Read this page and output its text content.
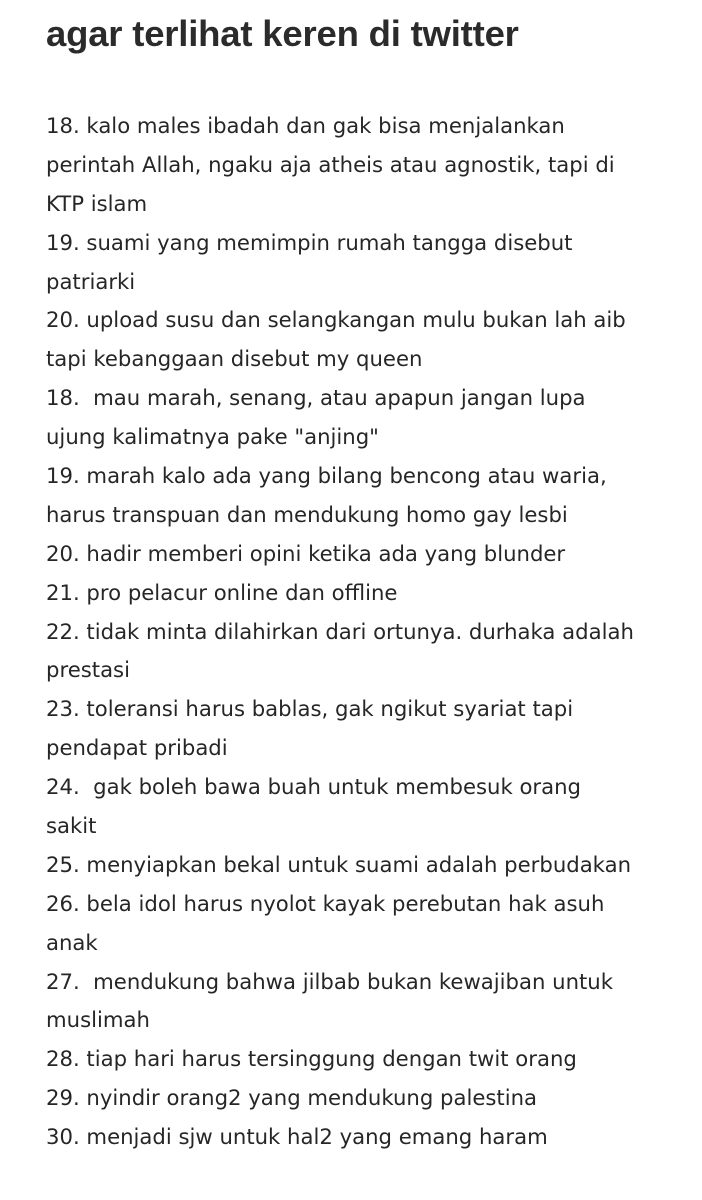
agar terlihat keren di twitter
18. kalo males ibadah dan gak bisa menjalankan
perintah Allah, ngaku aja atheis atau agnostik, tapi di
KTP islam
19. suami yang memimpin rumah tangga disebut
patriarki
20. upload susu dan selangkangan mulu bukan lah aib
tapi kebanggaan disebut my queen
18.  mau marah, senang, atau apapun jangan lupa
ujung kalimatnya pake "anjing"
19. marah kalo ada yang bilang bencong atau waria,
harus transpuan dan mendukung homo gay lesbi
20. hadir memberi opini ketika ada yang blunder
21. pro pelacur online dan offline
22. tidak minta dilahirkan dari ortunya. durhaka adalah
prestasi
23. toleransi harus bablas, gak ngikut syariat tapi
pendapat pribadi
24.  gak boleh bawa buah untuk membesuk orang
sakit
25. menyiapkan bekal untuk suami adalah perbudakan
26. bela idol harus nyolot kayak perebutan hak asuh
anak
27.  mendukung bahwa jilbab bukan kewajiban untuk
muslimah
28. tiap hari harus tersinggung dengan twit orang
29. nyindir orang2 yang mendukung palestina
30. menjadi sjw untuk hal2 yang emang haram
